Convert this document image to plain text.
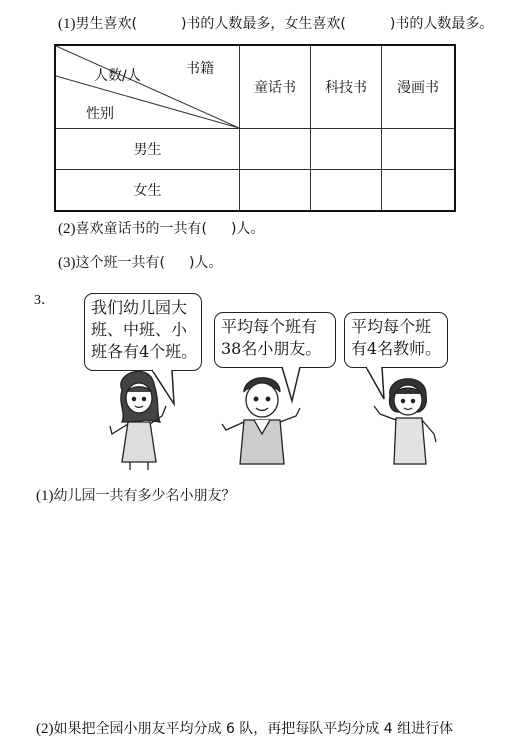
(1)男生喜欢(	)书的人数最多，女生喜欢(	)书的人数最多。
书籍
人数/人
性别	童话书	科技书	漫画书
男生			
女生			
(2)喜欢童话书的一共有( )人。
(3)这个班一共有( )人。
3． 我们幼儿园大
班、中班、小
班各有4个班。
平均每个班有
38名小朋友。
平均每个班
有4名教师。
(1)幼儿园一共有多少名小朋友？
(2)如果把全园小朋友平均分成 6 队，再把每队平均分成 4 组进行体
